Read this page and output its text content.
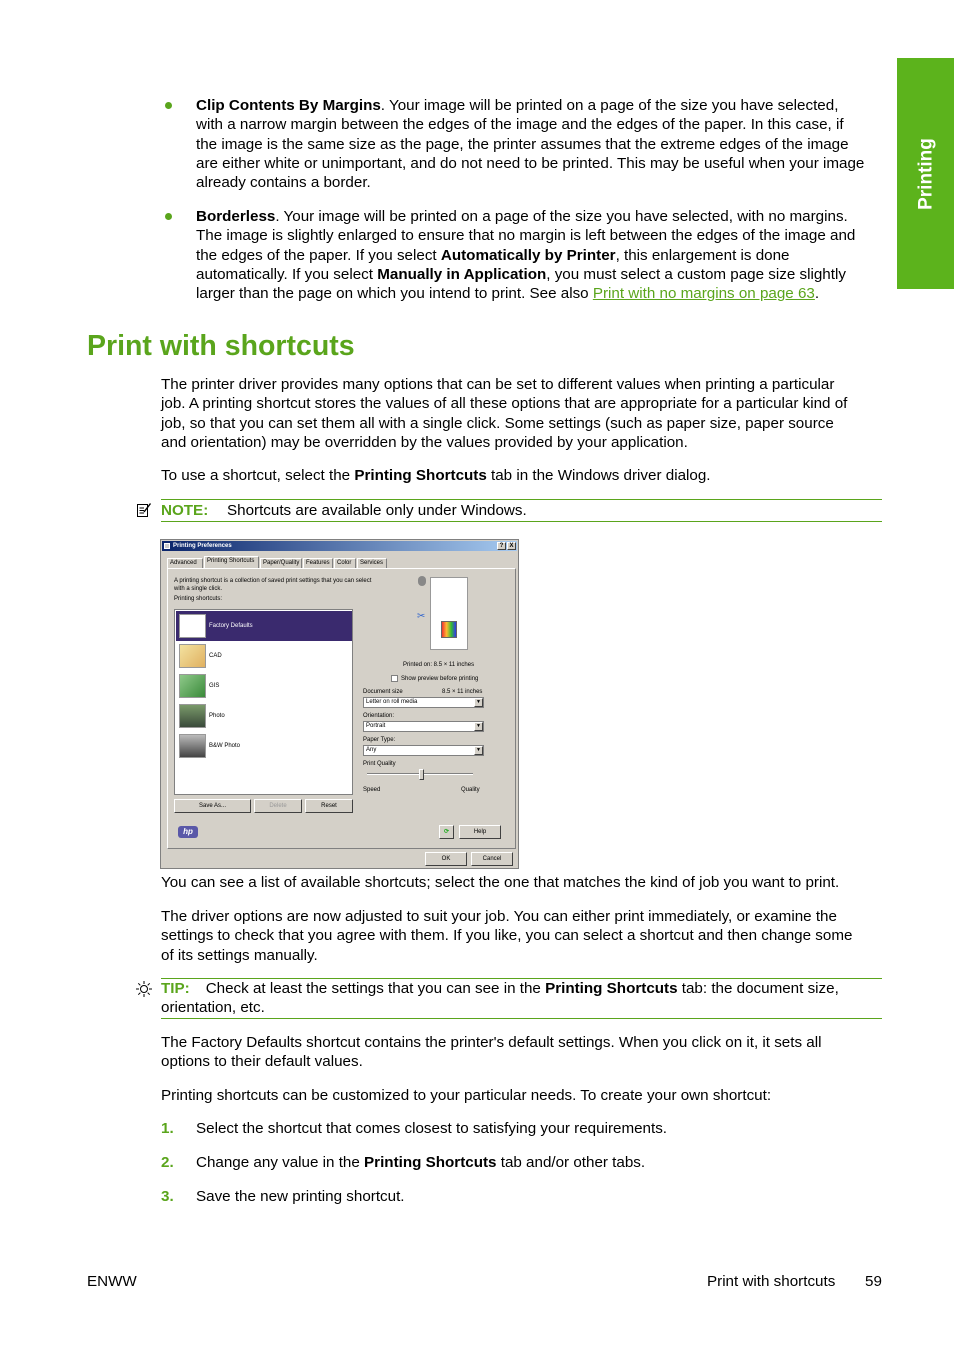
Printing
Clip Contents By Margins. Your image will be printed on a page of the size you have selected,
with a narrow margin between the edges of the image and the edges of the paper. In this case, if
the image is the same size as the page, the printer assumes that the extreme edges of the image
are either white or unimportant, and do not need to be printed. This may be useful when your image
already contains a border.
Borderless. Your image will be printed on a page of the size you have selected, with no margins.
The image is slightly enlarged to ensure that no margin is left between the edges of the image and
the edges of the paper. If you select Automatically by Printer, this enlargement is done
automatically. If you select Manually in Application, you must select a custom page size slightly
larger than the page on which you intend to print. See also Print with no margins on page 63.
Print with shortcuts
The printer driver provides many options that can be set to different values when printing a particular
job. A printing shortcut stores the values of all these options that are appropriate for a particular kind of
job, so that you can set them all with a single click. Some settings (such as paper size, paper source
and orientation) may be overridden by the values provided by your application.
To use a shortcut, select the Printing Shortcuts tab in the Windows driver dialog.
NOTE: Shortcuts are available only under Windows.
Printing Preferences	?	X
Advanced	Printing Shortcuts	Paper/Quality	Features	Color	Services
A printing shortcut is a collection of saved print settings that you can select
with a single click.
Printing shortcuts:
Factory Defaults
CAD
GIS
Photo
B&W Photo
Save As...	Delete	Reset
✂
Printed on: 8.5 × 11 inches
Show preview before printing
Document size	8.5 × 11 inches
Letter on roll media	▼
Orientation:
Portrait	▼
Paper Type:
Any	▼
Print Quality
Speed	Quality
hp	⟳	Help
OK	Cancel
You can see a list of available shortcuts; select the one that matches the kind of job you want to print.
The driver options are now adjusted to suit your job. You can either print immediately, or examine the
settings to check that you agree with them. If you like, you can select a shortcut and then change some
of its settings manually.
TIP: Check at least the settings that you can see in the Printing Shortcuts tab: the document size,
orientation, etc.
The Factory Defaults shortcut contains the printer's default settings. When you click on it, it sets all
options to their default values.
Printing shortcuts can be customized to your particular needs. To create your own shortcut:
1. Select the shortcut that comes closest to satisfying your requirements.
2. Change any value in the Printing Shortcuts tab and/or other tabs.
3. Save the new printing shortcut.
ENWW	Print with shortcuts 59
